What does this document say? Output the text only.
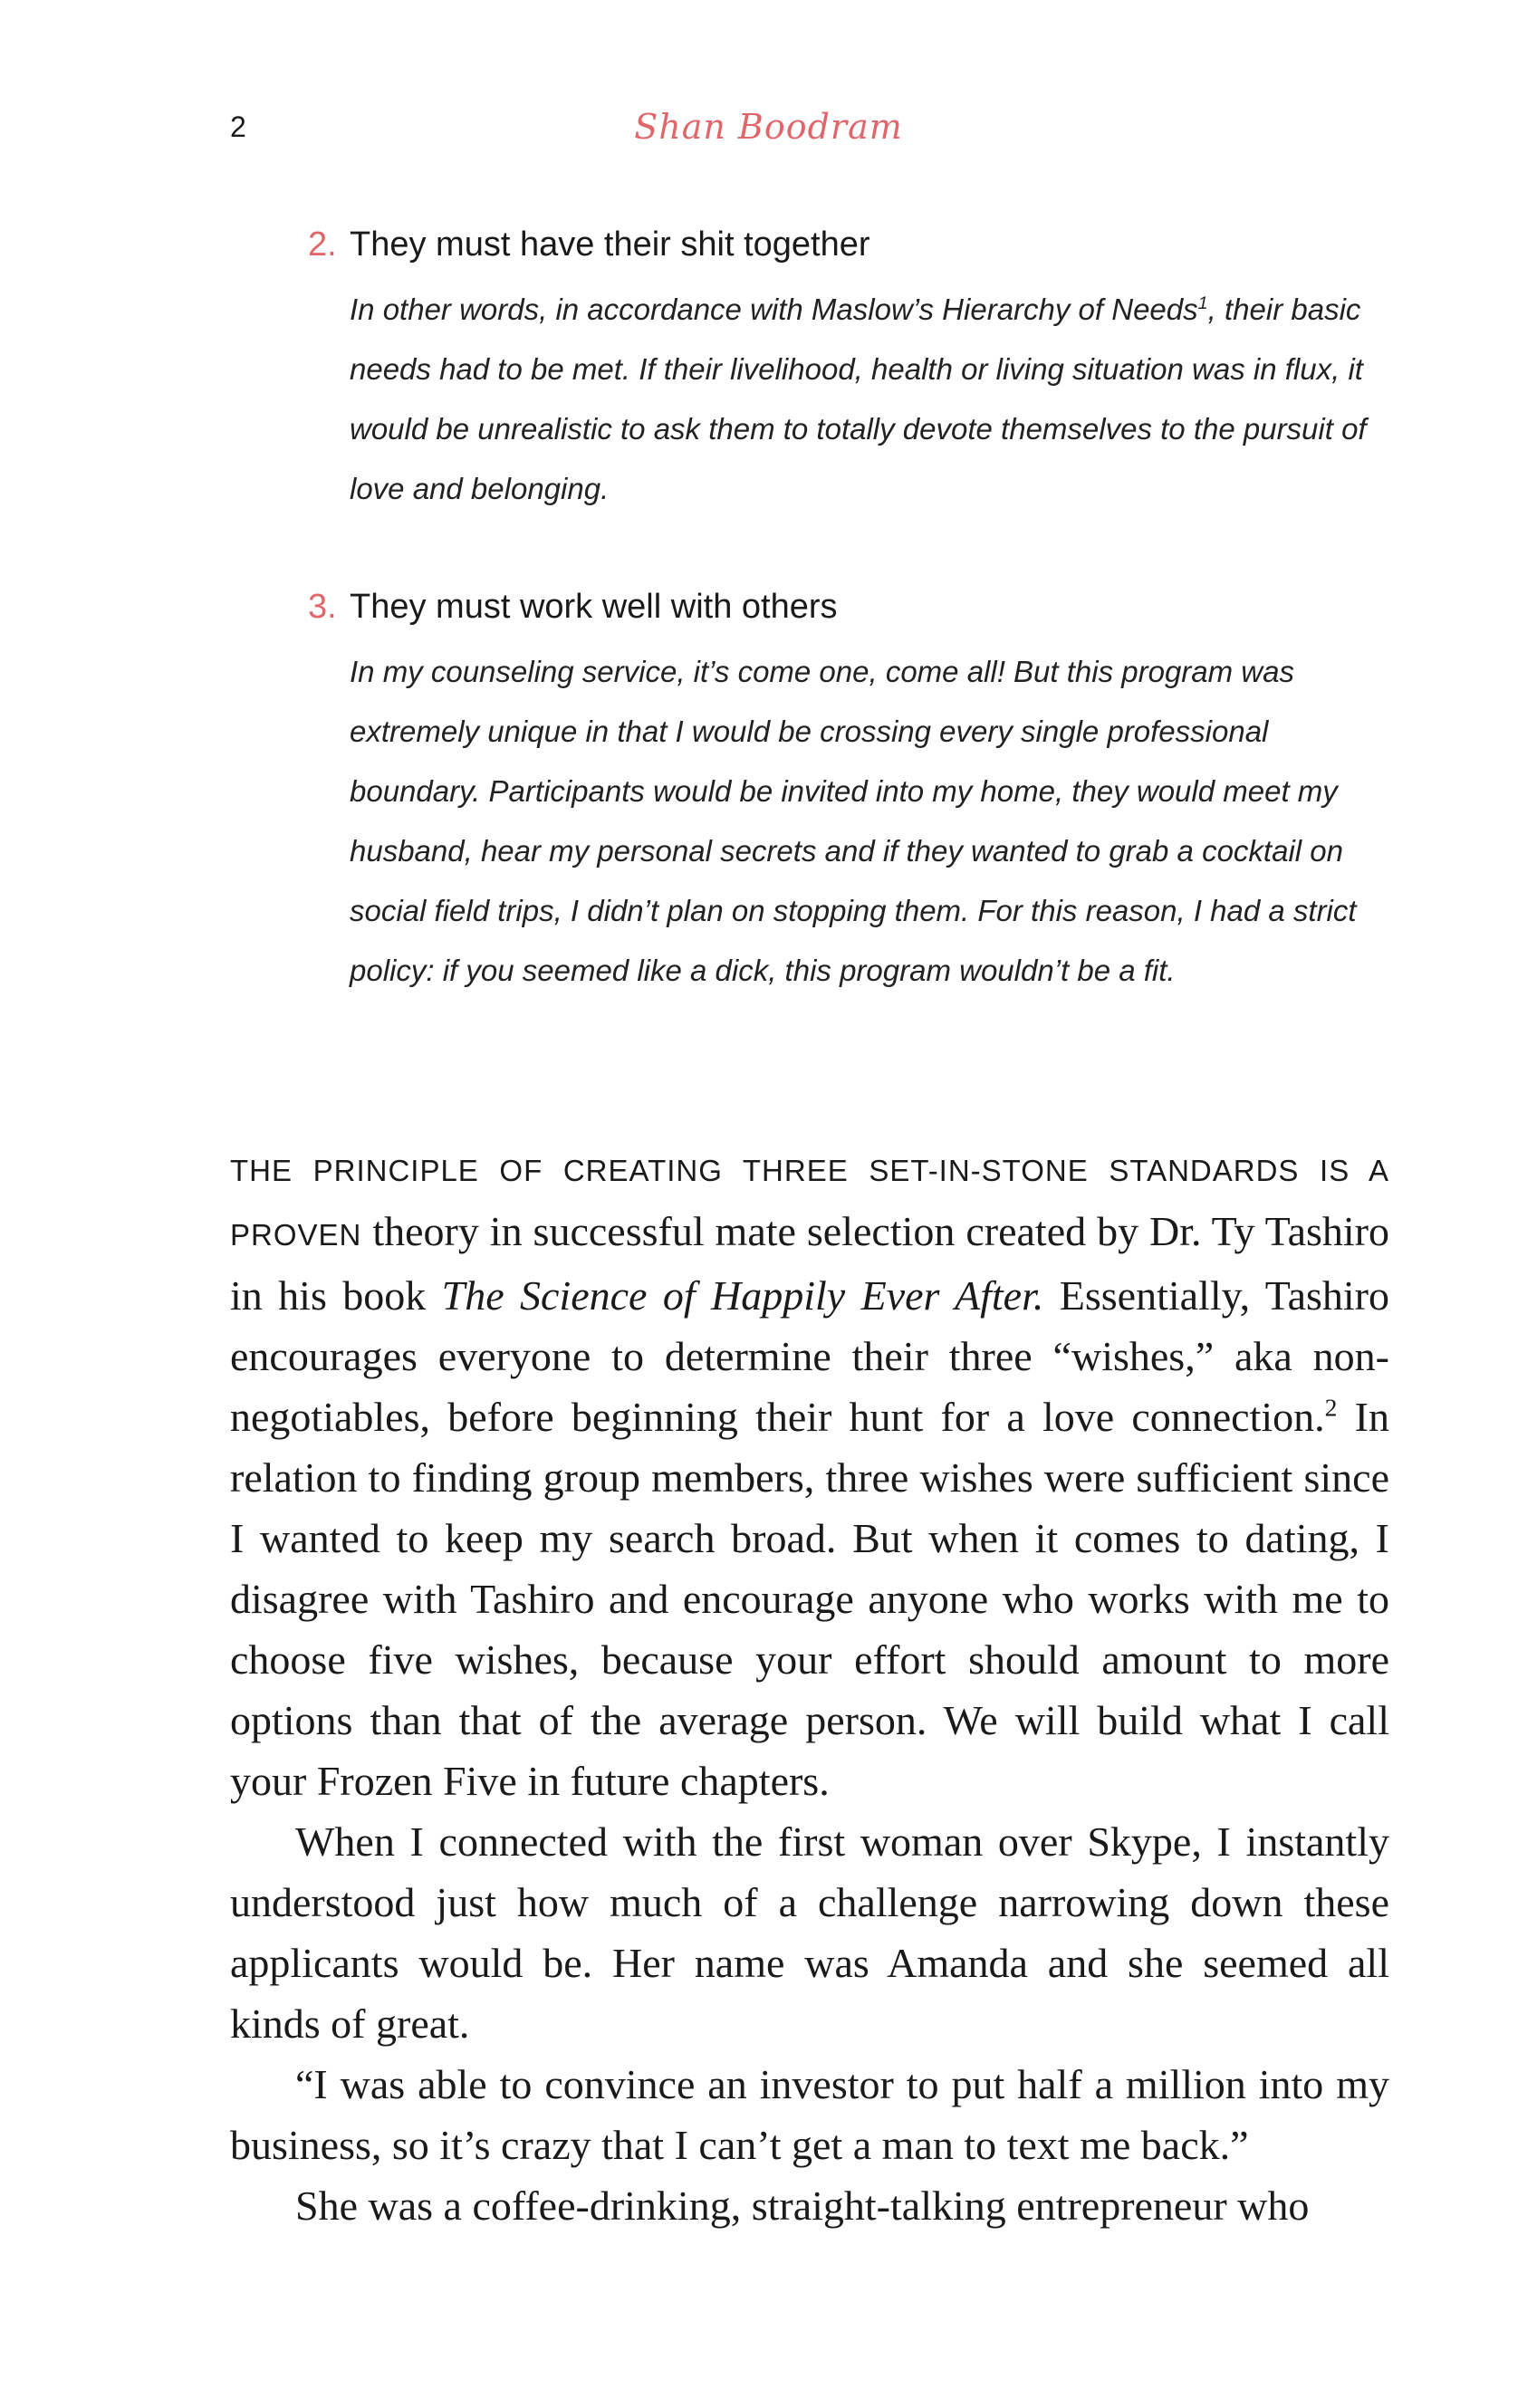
2	Shan Boodram
2. They must have their shit together

In other words, in accordance with Maslow’s Hierarchy of Needs$^1$, their basic needs had to be met. If their livelihood, health or living situation was in flux, it would be unrealistic to ask them to totally devote themselves to the pursuit of love and belonging.

3. They must work well with others

In my counseling service, it’s come one, come all! But this program was extremely unique in that I would be crossing every single professional boundary. Participants would be invited into my home, they would meet my husband, hear my personal secrets and if they wanted to grab a cocktail on social field trips, I didn’t plan on stopping them. For this reason, I had a strict policy: if you seemed like a dick, this program wouldn’t be a fit.

THE PRINCIPLE OF CREATING THREE SET-IN-STONE STANDARDS IS A PROVEN theory in successful mate selection created by Dr. Ty Tashiro in his book The Science of Happily Ever After. Essentially, Tashiro encourages everyone to determine their three “wishes,” aka non-negotiables, before beginning their hunt for a love connection.$^2$ In relation to finding group members, three wishes were sufficient since I wanted to keep my search broad. But when it comes to dating, I disagree with Tashiro and encourage anyone who works with me to choose five wishes, because your effort should amount to more options than that of the average person. We will build what I call your Frozen Five in future chapters.

When I connected with the first woman over Skype, I instantly understood just how much of a challenge narrowing down these applicants would be. Her name was Amanda and she seemed all kinds of great.

“I was able to convince an investor to put half a million into my business, so it’s crazy that I can’t get a man to text me back.”

She was a coffee-drinking, straight-talking entrepreneur who
